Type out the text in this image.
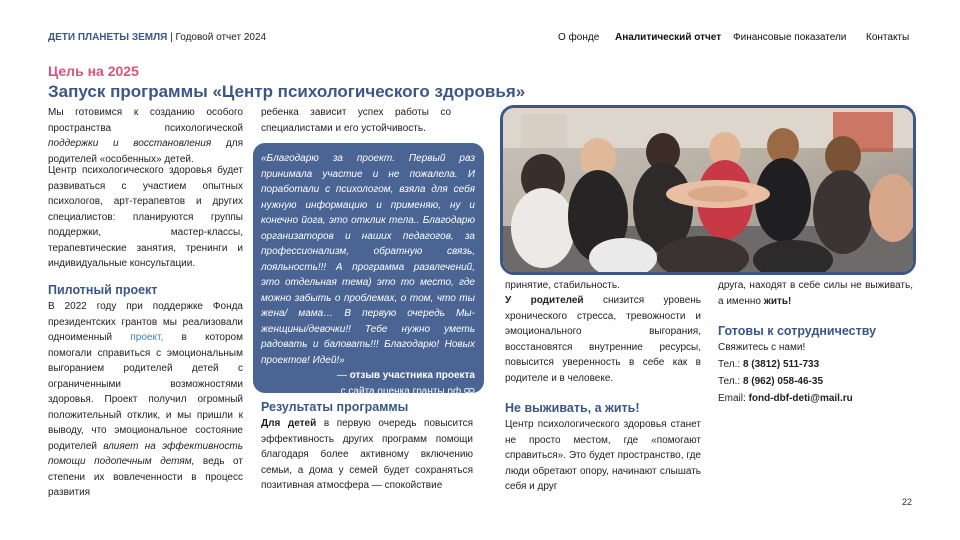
ДЕТИ ПЛАНЕТЫ ЗЕМЛЯ | Годовой отчет 2024	О фонде Аналитический отчет Финансовые показатели Контакты
Цель на 2025
Запуск программы «Центр психологического здоровья»
Мы готовимся к созданию особого пространства психологической поддержки и восстановления для родителей «особенных» детей.
Центр психологического здоровья будет развиваться с участием опытных психологов, арт-терапевтов и других специалистов: планируются группы поддержки, мастер-классы, терапевтические занятия, тренинги и индивидуальные консультации.
Пилотный проект
В 2022 году при поддержке Фонда президентских грантов мы реализовали одноименный проект, в котором помогали справиться с эмоциональным выгоранием родителей детей с ограниченными возможностями здоровья. Проект получил огромный положительный отклик, и мы пришли к выводу, что эмоциональное состояние родителей влияет на эффективность помощи подопечным детям, ведь от степени их вовлеченности в процесс развития
ребенка зависит успех работы со специалистами и его устойчивость.
«Благодарю за проект. Первый раз принимала участие и не пожалела. И поработали с психологом, взяла для себя нужную информацию и применяю, ну и конечно йога, это отклик тела.. Благодарю организаторов и наших педагогов, за профессионализм, обратную связь, лояльность!!! А программа развлечений, это отдельная тема) это то место, где можно забыть о проблемах, о том, что ты жена/ мама… В первую очередь Мы- женщины/девочки!! Тебе нужно уметь радовать и баловать!!! Благодарю! Новых проектов! Идей!»
— отзыв участника проекта
с сайта оценка.гранты.рф
Результаты программы
Для детей в первую очередь повысится эффективность других программ помощи благодаря более активному включению семьи, а дома у семей будет сохраняться позитивная атмосфера — спокойствие
принятие, стабильность.
У родителей снизится уровень хронического стресса, тревожности и эмоционального выгорания, восстановятся внутренние ресурсы, повысится уверенность в себе как в родителе и в человеке.
Не выживать, а жить!
Центр психологического здоровья станет не просто местом, где «помогают справиться». Это будет пространство, где люди обретают опору, начинают слышать себя и друг
друга, находят в себе силы не выживать, а именно жить!
Готовы к сотрудничеству
Свяжитесь с нами!
Тел.: 8 (3812) 511-733
Тел.: 8 (962) 058-46-35
Email: fond-dbf-deti@mail.ru
22
